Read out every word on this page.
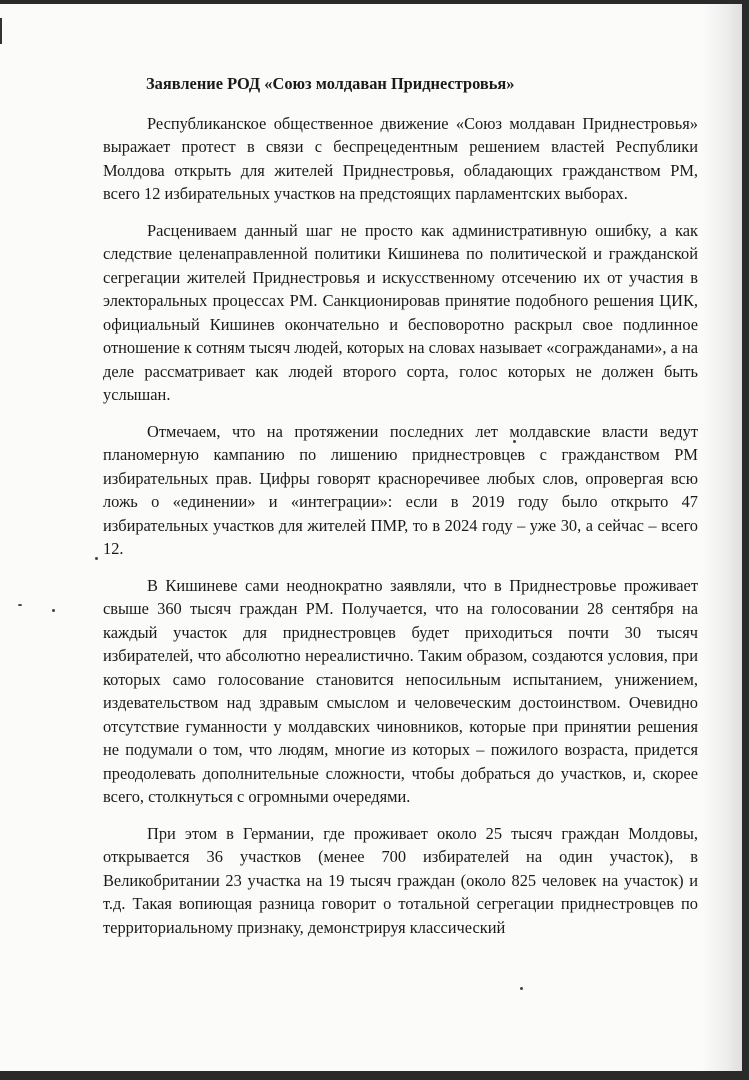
Заявление РОД «Союз молдаван Приднестровья»

Республиканское общественное движение «Союз молдаван Приднестровья» выражает протест в связи с беспрецедентным решением властей Республики Молдова открыть для жителей Приднестровья, обладающих гражданством РМ, всего 12 избирательных участков на предстоящих парламентских выборах.

Расцениваем данный шаг не просто как административную ошибку, а как следствие целенаправленной политики Кишинева по политической и гражданской сегрегации жителей Приднестровья и искусственному отсечению их от участия в электоральных процессах РМ. Санкционировав принятие подобного решения ЦИК, официальный Кишинев окончательно и бесповоротно раскрыл свое подлинное отношение к сотням тысяч людей, которых на словах называет «согражданами», а на деле рассматривает как людей второго сорта, голос которых не должен быть услышан.

Отмечаем, что на протяжении последних лет молдавские власти ведут планомерную кампанию по лишению приднестровцев с гражданством РМ избирательных прав. Цифры говорят красноречивее любых слов, опровергая всю ложь о «единении» и «интеграции»: если в 2019 году было открыто 47 избирательных участков для жителей ПМР, то в 2024 году – уже 30, а сейчас – всего 12.

В Кишиневе сами неоднократно заявляли, что в Приднестровье проживает свыше 360 тысяч граждан РМ. Получается, что на голосовании 28 сентября на каждый участок для приднестровцев будет приходиться почти 30 тысяч избирателей, что абсолютно нереалистично. Таким образом, создаются условия, при которых само голосование становится непосильным испытанием, унижением, издевательством над здравым смыслом и человеческим достоинством. Очевидно отсутствие гуманности у молдавских чиновников, которые при принятии решения не подумали о том, что людям, многие из которых – пожилого возраста, придется преодолевать дополнительные сложности, чтобы добраться до участков, и, скорее всего, столкнуться с огромными очередями.

При этом в Германии, где проживает около 25 тысяч граждан Молдовы, открывается 36 участков (менее 700 избирателей на один участок), в Великобритании 23 участка на 19 тысяч граждан (около 825 человек на участок) и т.д. Такая вопиющая разница говорит о тотальной сегрегации приднестровцев по территориальному признаку, демонстрируя классический
